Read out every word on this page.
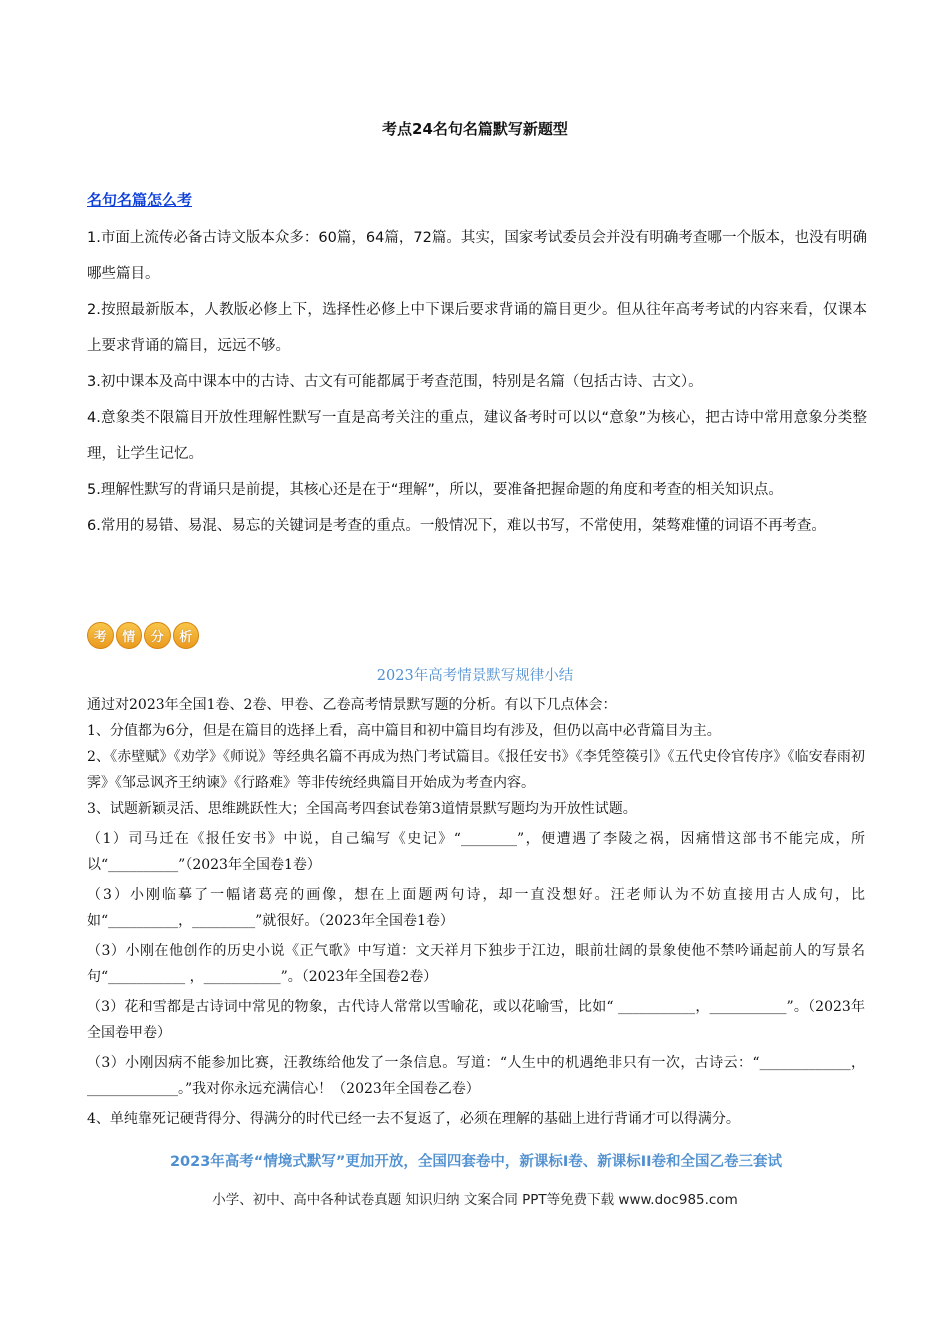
考点24名句名篇默写新题型
名句名篇怎么考

1.市面上流传必备古诗文版本众多：60篇，64篇，72篇。其实，国家考试委员会并没有明确考查哪一个版本，也没有明确哪些篇目。

2.按照最新版本，人教版必修上下，选择性必修上中下课后要求背诵的篇目更少。但从往年高考考试的内容来看，仅课本上要求背诵的篇目，远远不够。

3.初中课本及高中课本中的古诗、古文有可能都属于考查范围，特别是名篇（包括古诗、古文）。

4.意象类不限篇目开放性理解性默写一直是高考关注的重点，建议备考时可以以“意象”为核心，把古诗中常用意象分类整理，让学生记忆。

5.理解性默写的背诵只是前提，其核心还是在于“理解”，所以，要准备把握命题的角度和考查的相关知识点。

6.常用的易错、易混、易忘的关键词是考查的重点。一般情况下，难以书写，不常使用，桀骜难懂的词语不再考查。

考	情	分	析
2023年高考情景默写规律小结

通过对2023年全国1卷、2卷、甲卷、乙卷高考情景默写题的分析。有以下几点体会：

1、分值都为6分，但是在篇目的选择上看，高中篇目和初中篇目均有涉及，但仍以高中必背篇目为主。

2、《赤壁赋》《劝学》《师说》等经典名篇不再成为热门考试篇目。《报任安书》《李凭箜篌引》《五代史伶官传序》《临安春雨初霁》《邹忌讽齐王纳谏》《行路难》等非传统经典篇目开始成为考查内容。

3、试题新颖灵活、思维跳跃性大；全国高考四套试卷第3道情景默写题均为开放性试题。

（1）司马迁在《报任安书》中说，自己编写《史记》“________”，便遭遇了李陵之祸，因痛惜这部书不能完成，所以“__________”（2023年全国卷1卷）

（3）小刚临摹了一幅诸葛亮的画像，想在上面题两句诗，却一直没想好。汪老师认为不妨直接用古人成句，比如“__________，_________”就很好。（2023年全国卷1卷）

（3）小刚在他创作的历史小说《正气歌》中写道：文天祥月下独步于江边，眼前壮阔的景象使他不禁吟诵起前人的写景名句“___________ ，___________”。（2023年全国卷2卷）

（3）花和雪都是古诗词中常见的物象，古代诗人常常以雪喻花，或以花喻雪，比如“ ___________，___________”。（2023年全国卷甲卷）

（3）小刚因病不能参加比赛，汪教练给他发了一条信息。写道：“人生中的机遇绝非只有一次，古诗云：“_____________，_____________。”我对你永远充满信心！（2023年全国卷乙卷）

4、单纯靠死记硬背得分、得满分的时代已经一去不复返了，必须在理解的基础上进行背诵才可以得满分。

2023年高考“情境式默写”更加开放，全国四套卷中，新课标Ⅰ卷、新课标II卷和全国乙卷三套试
小学、初中、高中各种试卷真题 知识归纳 文案合同 PPT等免费下载 www.doc985.com
